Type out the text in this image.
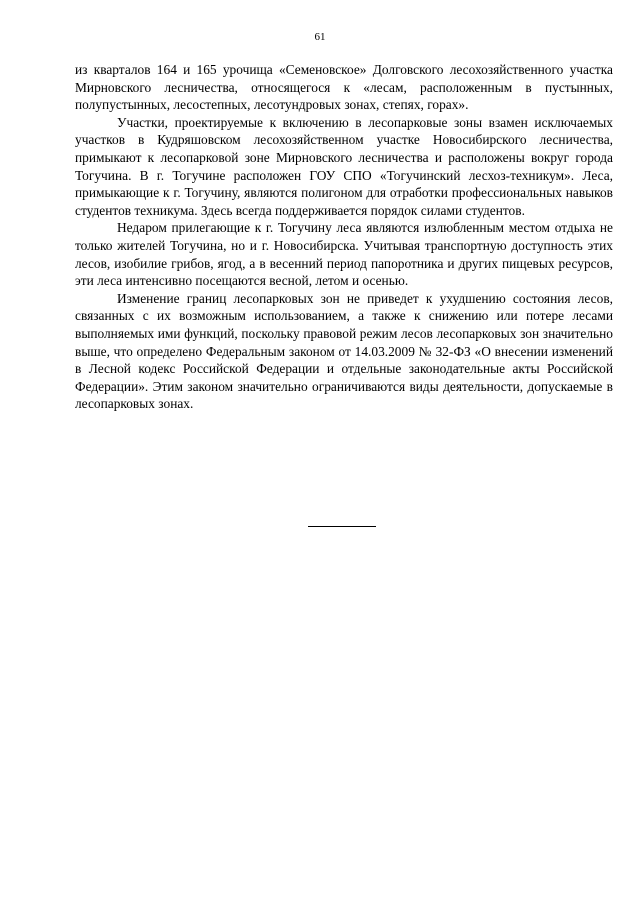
61

из кварталов 164 и 165 урочища «Семеновское» Долговского лесохозяйственного участка Мирновского лесничества, относящегося к «лесам, расположенным в пустынных, полупустынных, лесостепных, лесотундровых зонах, степях, горах».

Участки, проектируемые к включению в лесопарковые зоны взамен исключаемых участков в Кудряшовском лесохозяйственном участке Новосибирского лесничества, примыкают к лесопарковой зоне Мирновского лесничества и расположены вокруг города Тогучина. В г. Тогучине расположен ГОУ СПО «Тогучинский лесхоз-техникум». Леса, примыкающие к г. Тогучину, являются полигоном для отработки профессиональных навыков студентов техникума. Здесь всегда поддерживается порядок силами студентов.

Недаром прилегающие к г. Тогучину леса являются излюбленным местом отдыха не только жителей Тогучина, но и г. Новосибирска. Учитывая транспортную доступность этих лесов, изобилие грибов, ягод, а в весенний период папоротника и других пищевых ресурсов, эти леса интенсивно посещаются весной, летом и осенью.

Изменение границ лесопарковых зон не приведет к ухудшению состояния лесов, связанных с их возможным использованием, а также к снижению или потере лесами выполняемых ими функций, поскольку правовой режим лесов лесопарковых зон значительно выше, что определено Федеральным законом от 14.03.2009 № 32-ФЗ «О внесении изменений в Лесной кодекс Российской Федерации и отдельные законодательные акты Российской Федерации». Этим законом значительно ограничиваются виды деятельности, допускаемые в лесопарковых зонах.
